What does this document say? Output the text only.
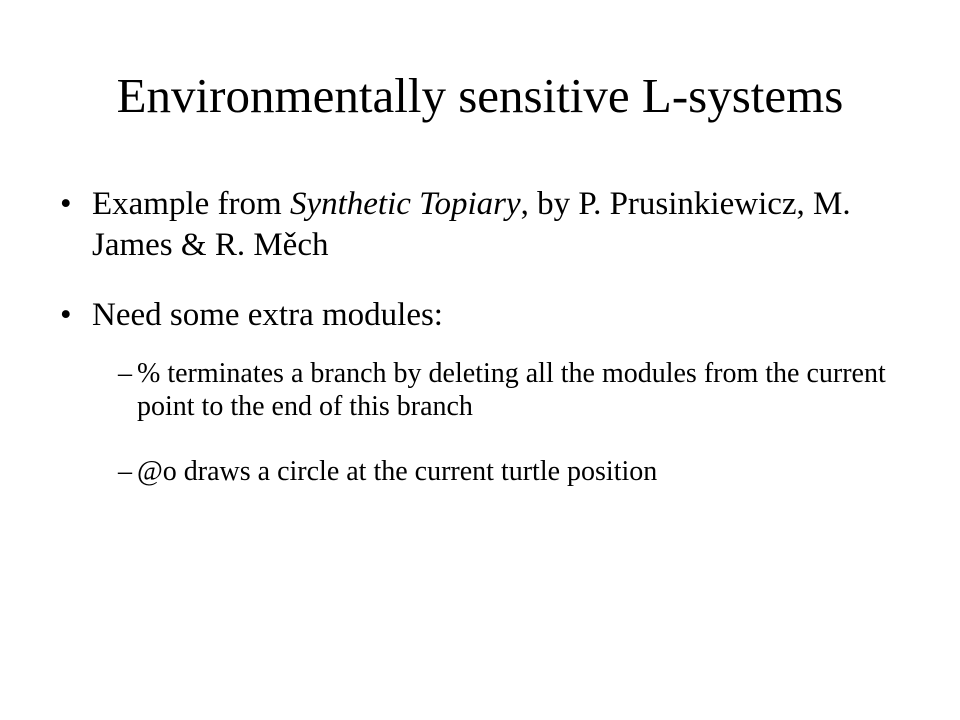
Environmentally sensitive L-systems
• Example from Synthetic Topiary, by P. Prusinkiewicz, M. James & R. Měch
• Need some extra modules:
– % terminates a branch by deleting all the modules from the current point to the end of this branch
– @o draws a circle at the current turtle position
